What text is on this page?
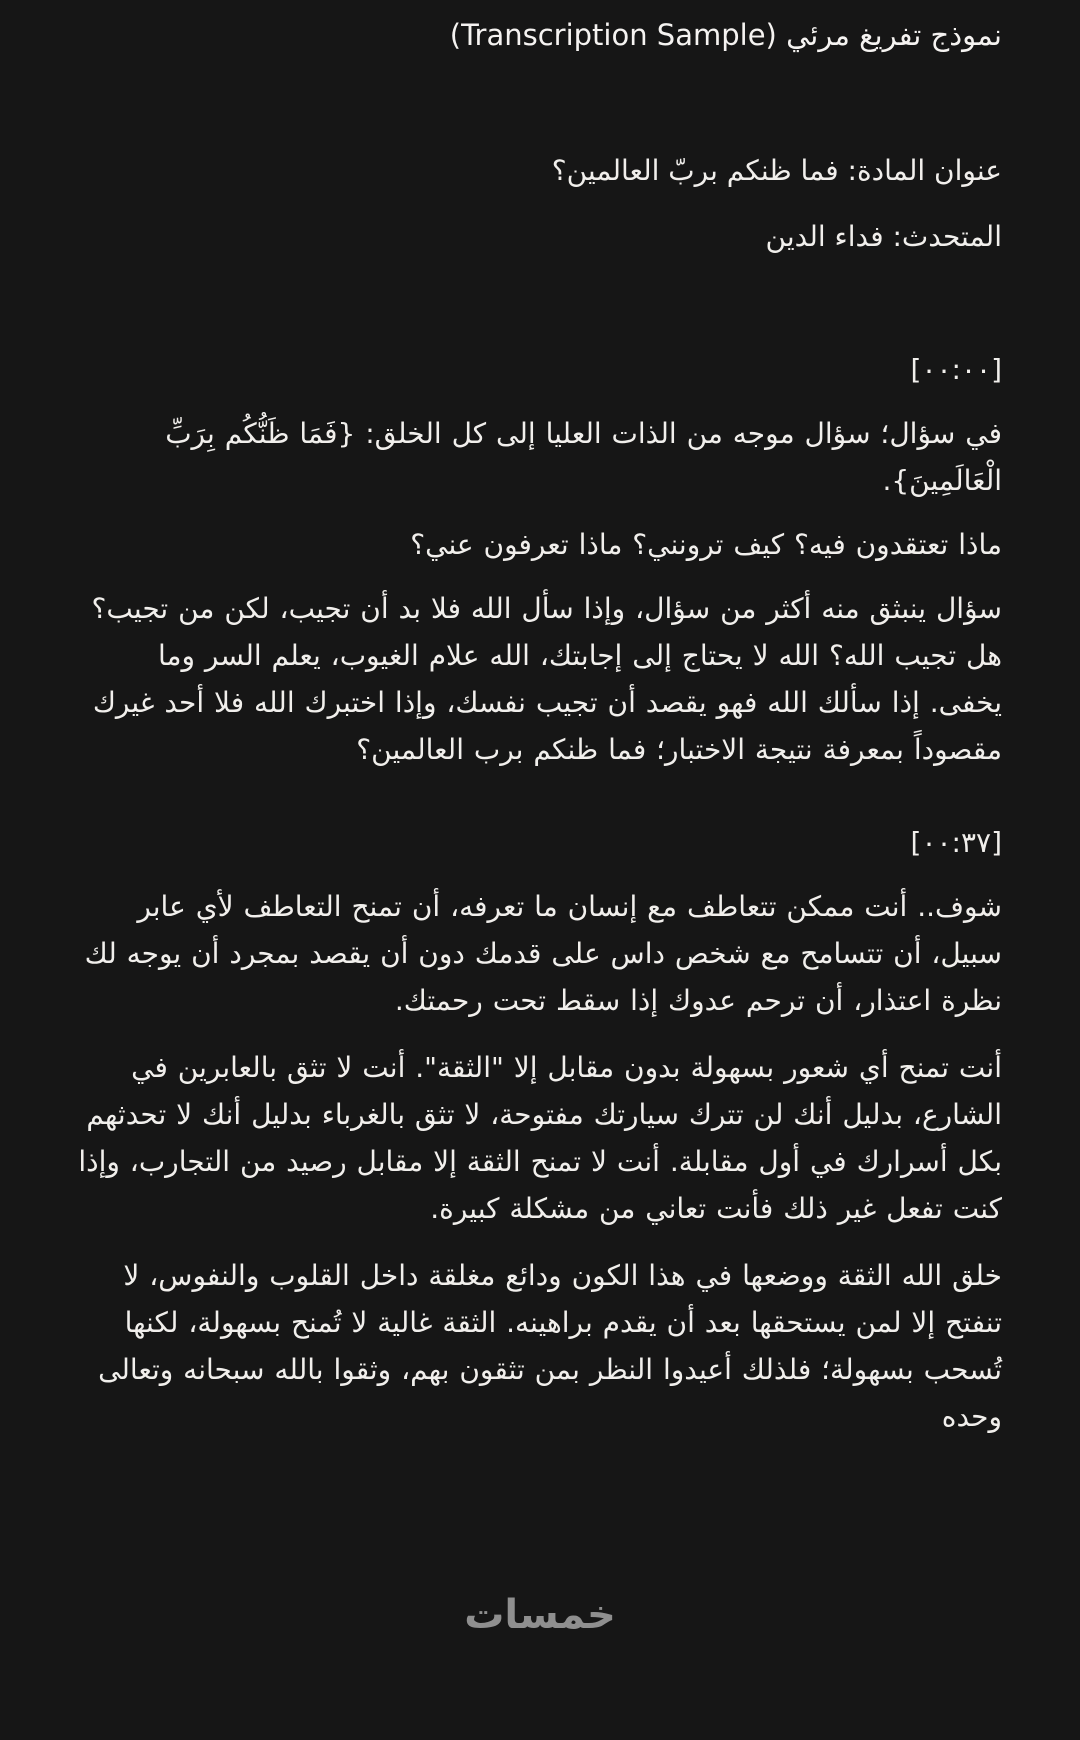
نموذج تفريغ مرئي (Transcription Sample)

عنوان المادة: فما ظنكم بربّ العالمين؟

المتحدث: فداء الدين

[٠٠:٠٠]

في سؤال؛ سؤال موجه من الذات العليا إلى كل الخلق: {فَمَا ظَنُّكُم بِرَبِّ الْعَالَمِينَ}.

ماذا تعتقدون فيه؟ كيف ترونني؟ ماذا تعرفون عني؟

سؤال ينبثق منه أكثر من سؤال، وإذا سأل الله فلا بد أن تجيب، لكن من تجيب؟ هل تجيب الله؟ الله لا يحتاج إلى إجابتك، الله علام الغيوب، يعلم السر وما يخفى. إذا سألك الله فهو يقصد أن تجيب نفسك، وإذا اختبرك الله فلا أحد غيرك مقصوداً بمعرفة نتيجة الاختبار؛ فما ظنكم برب العالمين؟

[٠٠:٣٧]

شوف.. أنت ممكن تتعاطف مع إنسان ما تعرفه، أن تمنح التعاطف لأي عابر سبيل، أن تتسامح مع شخص داس على قدمك دون أن يقصد بمجرد أن يوجه لك نظرة اعتذار، أن ترحم عدوك إذا سقط تحت رحمتك.

أنت تمنح أي شعور بسهولة بدون مقابل إلا "الثقة". أنت لا تثق بالعابرين في الشارع، بدليل أنك لن تترك سيارتك مفتوحة، لا تثق بالغرباء بدليل أنك لا تحدثهم بكل أسرارك في أول مقابلة. أنت لا تمنح الثقة إلا مقابل رصيد من التجارب، وإذا كنت تفعل غير ذلك فأنت تعاني من مشكلة كبيرة.

خلق الله الثقة ووضعها في هذا الكون ودائع مغلقة داخل القلوب والنفوس، لا تنفتح إلا لمن يستحقها بعد أن يقدم براهينه. الثقة غالية لا تُمنح بسهولة، لكنها تُسحب بسهولة؛ فلذلك أعيدوا النظر بمن تثقون بهم، وثقوا بالله سبحانه وتعالى وحده

خمسات
